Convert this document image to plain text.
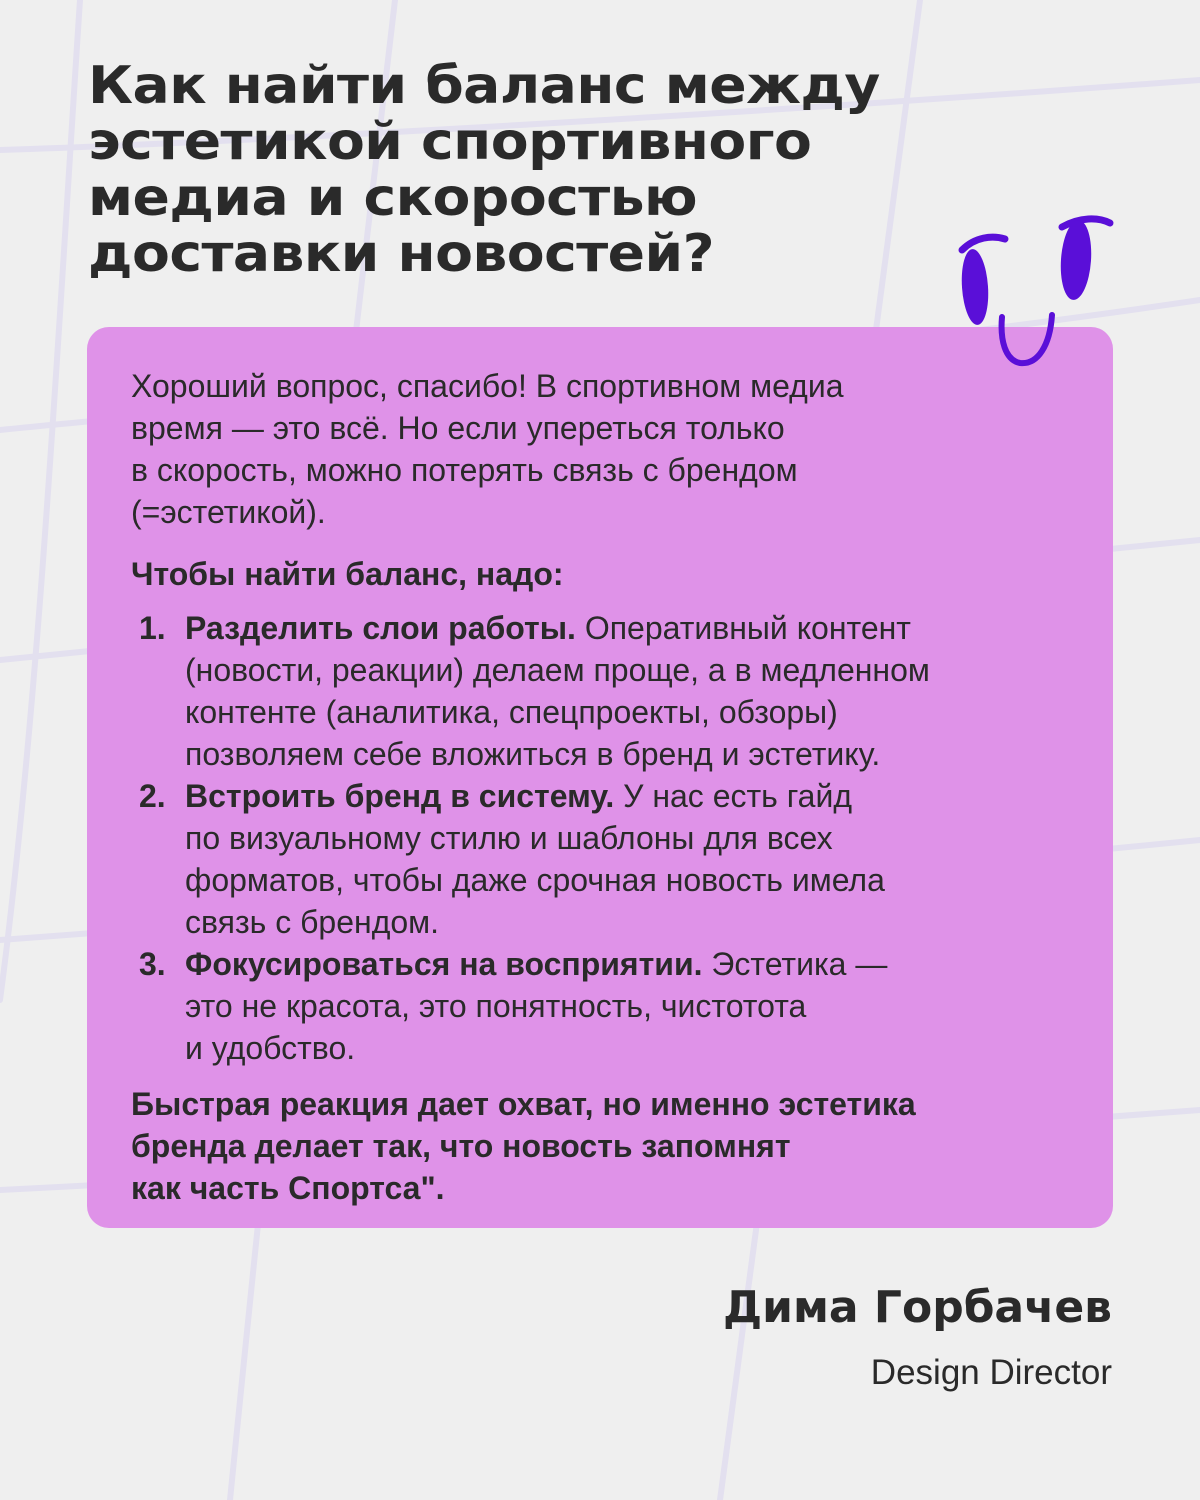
Как найти баланс между
эстетикой спортивного
медиа и скоростью
доставки новостей?

Хороший вопрос, спасибо! В спортивном медиа
время — это всё. Но если упереться только
в скорость, можно потерять связь с брендом
(=эстетикой).

Чтобы найти баланс, надо:

1. Разделить слои работы. Оперативный контент
(новости, реакции) делаем проще, а в медленном
контенте (аналитика, спецпроекты, обзоры)
позволяем себе вложиться в бренд и эстетику.
2. Встроить бренд в систему. У нас есть гайд
по визуальному стилю и шаблоны для всех
форматов, чтобы даже срочная новость имела
связь с брендом.
3. Фокусироваться на восприятии. Эстетика —
это не красота, это понятность, чистотота
и удобство.

Быстрая реакция дает охват, но именно эстетика
бренда делает так, что новость запомнят
как часть Спортса".

Дима Горбачев

Design Director
